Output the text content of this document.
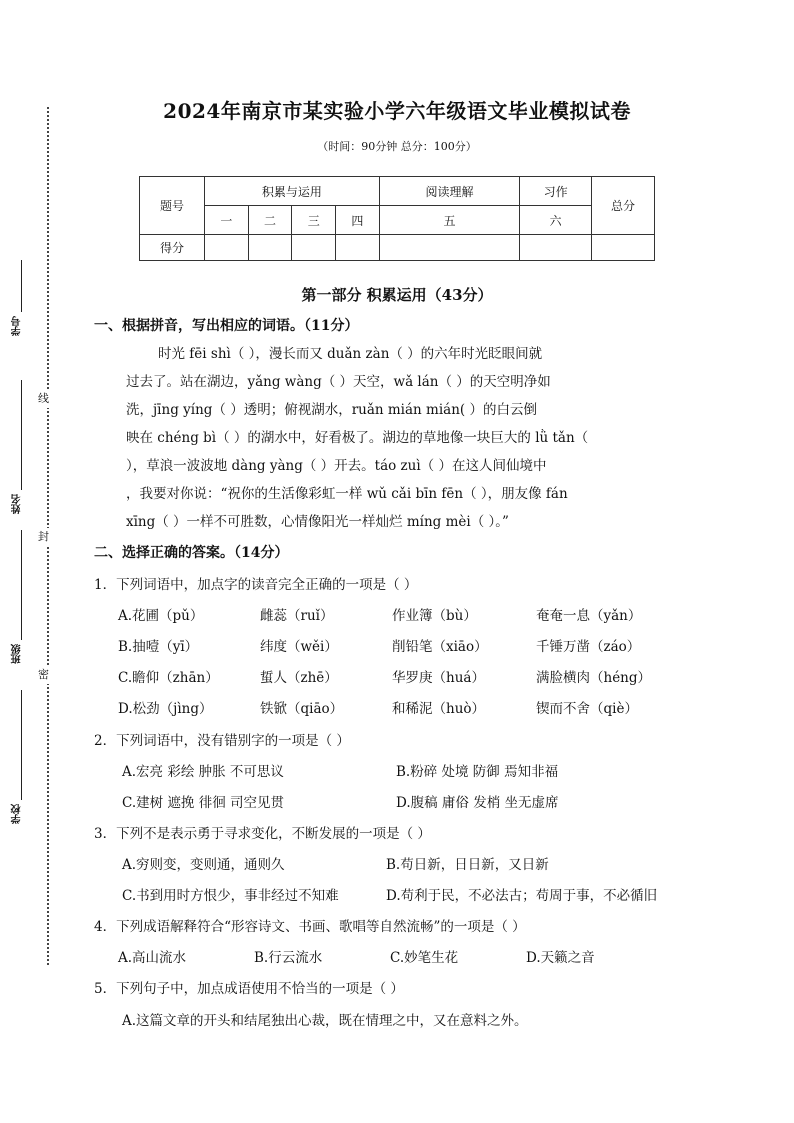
线
封
密
学号
姓名
班级
学校
2024年南京市某实验小学六年级语文毕业模拟试卷
（时间：90分钟 总分：100分）
题号	积累与运用				阅读理解	习作	总分
	一	二	三	四	五	六	
得分							
第一部分 积累运用（43分）
一、根据拼音，写出相应的词语。（11分）
时光 fēi shì（ ），漫长而又 duǎn zàn（ ）的六年时光眨眼间就
过去了。站在湖边，yǎng wàng（ ）天空，wǎ lán（ ）的天空明净如
洗，jīng yíng（ ）透明；俯视湖水，ruǎn mián mián( ）的白云倒
映在 chéng bì（ ）的湖水中，好看极了。湖边的草地像一块巨大的 lǜ tǎn（
），草浪一波波地 dàng yàng（ ）开去。táo zuì（ ）在这人间仙境中
，我要对你说：“祝你的生活像彩虹一样 wǔ cǎi bīn fēn（ ），朋友像 fán
xīng（ ）一样不可胜数，心情像阳光一样灿烂 míng mèi（ ）。”
二、选择正确的答案。（14分）
1．下列词语中，加点字的读音完全正确的一项是（ ）
A.花圃（pǔ）	雌蕊（ruǐ）	作业簿（bù）	奄奄一息（yǎn）
B.抽噎（yī）	纬度（wěi）	削铅笔（xiāo）	千锤万凿（záo）
C.瞻仰（zhān）	蜇人（zhē）	华罗庚（huá）	满脸横肉（héng）
D.松劲（jìng）	铁锨（qiāo）	和稀泥（huò）	锲而不舍（qiè）
2．下列词语中，没有错别字的一项是（ ）
A.宏亮 彩绘 肿胀 不可思议	B.粉碎 处境 防御 焉知非福
C.建树 遮挽 徘徊 司空见贯	D.腹稿 庸俗 发梢 坐无虚席
3．下列不是表示勇于寻求变化，不断发展的一项是（ ）
A.穷则变，变则通，通则久	B.苟日新，日日新，又日新
C.书到用时方恨少，事非经过不知难	D.苟利于民，不必法古；苟周于事，不必循旧
4．下列成语解释符合“形容诗文、书画、歌唱等自然流畅”的一项是（ ）
A.高山流水	B.行云流水	C.妙笔生花	D.天籁之音
5．下列句子中，加点成语使用不恰当的一项是（ ）
A.这篇文章的开头和结尾独出心裁，既在情理之中，又在意料之外。
